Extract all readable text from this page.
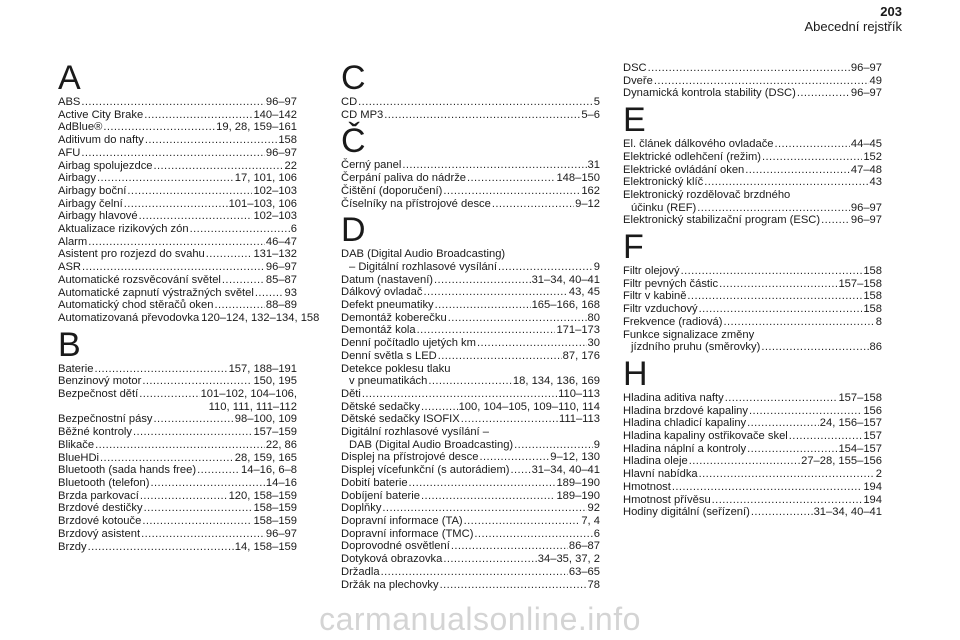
203
Abecední rejstřík
A
ABS .....	96–97
Active City Brake .....	140–142
AdBlue® .....	19, 28, 159–161
Aditivum do nafty .....	158
AFU .....	96–97
Airbag spolujezdce .....	22
Airbagy .....	17, 101, 106
Airbagy boční .....	102–103
Airbagy čelní .....	101–103, 106
Airbagy hlavové .....	102–103
Aktualizace rizikových zón .....	6
Alarm .....	46–47
Asistent pro rozjezd do svahu .....	131–132
ASR .....	96–97
Automatické rozsvěcování světel .....	85–87
Automatické zapnutí výstražných světel .....	93
Automatický chod stěračů oken .....	88–89
Automatizovaná převodovka 120–124, 132–134, 158
B
Baterie .....	157, 188–191
Benzinový motor .....	150, 195
Bezpečnost dětí .....	101–102, 104–106,
110, 111, 111–112
Bezpečnostní pásy .....	98–100, 109
Běžné kontroly .....	157–159
Blikače .....	22, 86
BlueHDi .....	28, 159, 165
Bluetooth (sada hands free) .....	14–16, 6–8
Bluetooth (telefon) .....	14–16
Brzda parkovací .....	120, 158–159
Brzdové destičky .....	158–159
Brzdové kotouče .....	158–159
Brzdový asistent .....	96–97
Brzdy .....	14, 158–159
C
CD .....	5
CD MP3 .....	5–6
Č
Černý panel .....	31
Čerpání paliva do nádrže .....	148–150
Čištění (doporučení) .....	162
Číselníky na přístrojové desce .....	9–12
D
DAB (Digital Audio Broadcasting)
– Digitální rozhlasové vysílání .....	9
Datum (nastavení) .....	31–34, 40–41
Dálkový ovladač .....	43, 45
Defekt pneumatiky .....	165–166, 168
Demontáž koberečku .....	80
Demontáž kola .....	171–173
Denní počítadlo ujetých km .....	30
Denní světla s LED .....	87, 176
Detekce poklesu tlaku
v pneumatikách .....	18, 134, 136, 169
Děti .....	110–113
Dětské sedačky .....	100, 104–105, 109–110, 114
Dětské sedačky ISOFIX .....	111–113
Digitální rozhlasové vysílání –
DAB (Digital Audio Broadcasting) .....	9
Displej na přístrojové desce .....	9–12, 130
Displej vícefunkční (s autorádiem) ..... 31–34, 40–41
Dobití baterie .....	189–190
Dobíjení baterie .....	189–190
Doplňky .....	92
Dopravní informace (TA) .....	7, 4
Dopravní informace (TMC) .....	6
Doprovodné osvětlení .....	86–87
Dotyková obrazovka .....	34–35, 37, 2
Držadla .....	63–65
Držák na plechovky .....	78
DSC .....	96–97
Dveře .....	49
Dynamická kontrola stability (DSC) .....	96–97
E
El. článek dálkového ovladače .....	44–45
Elektrické odlehčení (režim) .....	152
Elektrické ovládání oken .....	47–48
Elektronický klíč .....	43
Elektronický rozdělovač brzdného
účinku (REF) .....	96–97
Elektronický stabilizační program (ESC) .....	96–97
F
Filtr olejový .....	158
Filtr pevných částic .....	157–158
Filtr v kabině .....	158
Filtr vzduchový .....	158
Frekvence (radiová) .....	8
Funkce signalizace změny
jízdního pruhu (směrovky) .....	86
H
Hladina aditiva nafty .....	157–158
Hladina brzdové kapaliny .....	156
Hladina chladicí kapaliny .....	24, 156–157
Hladina kapaliny ostřikovače skel .....	157
Hladina náplní a kontroly .....	154–157
Hladina oleje .....	27–28, 155–156
Hlavní nabídka .....	2
Hmotnost .....	194
Hmotnost přívěsu .....	194
Hodiny digitální (seřízení) .....	31–34, 40–41
carmanualsonline.info
